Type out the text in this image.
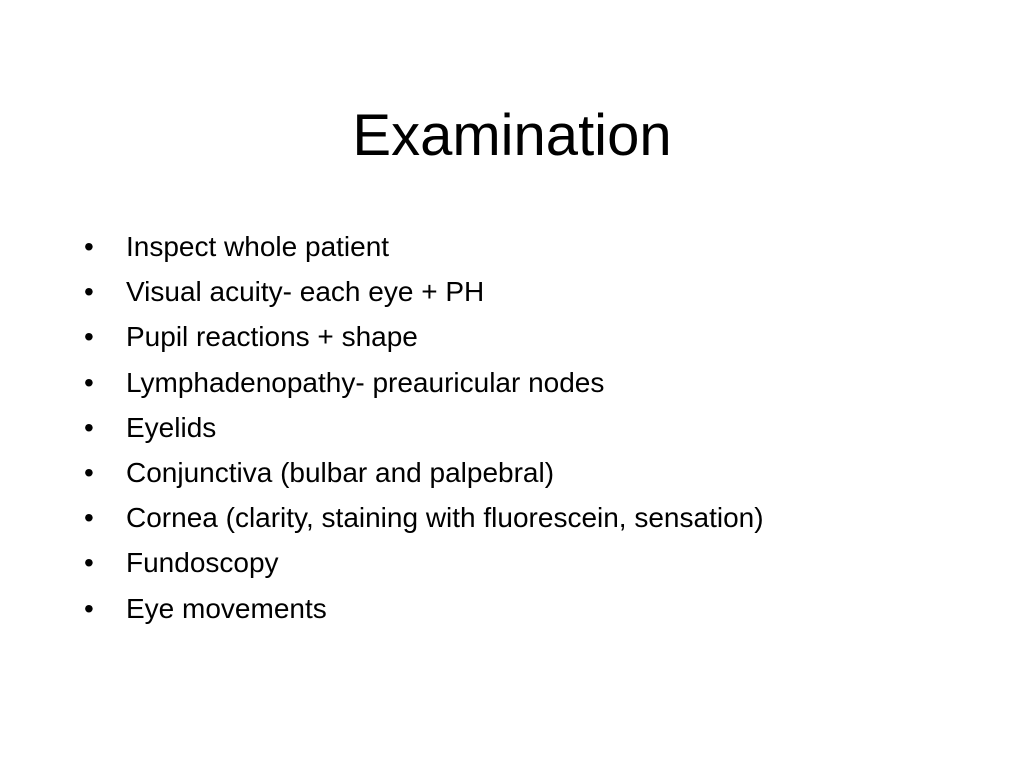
Examination
•	Inspect whole patient
•	Visual acuity- each eye + PH
•	Pupil reactions + shape
•	Lymphadenopathy- preauricular nodes
•	Eyelids
•	Conjunctiva (bulbar and palpebral)
•	Cornea (clarity, staining with fluorescein, sensation)
•	Fundoscopy
•	Eye movements
